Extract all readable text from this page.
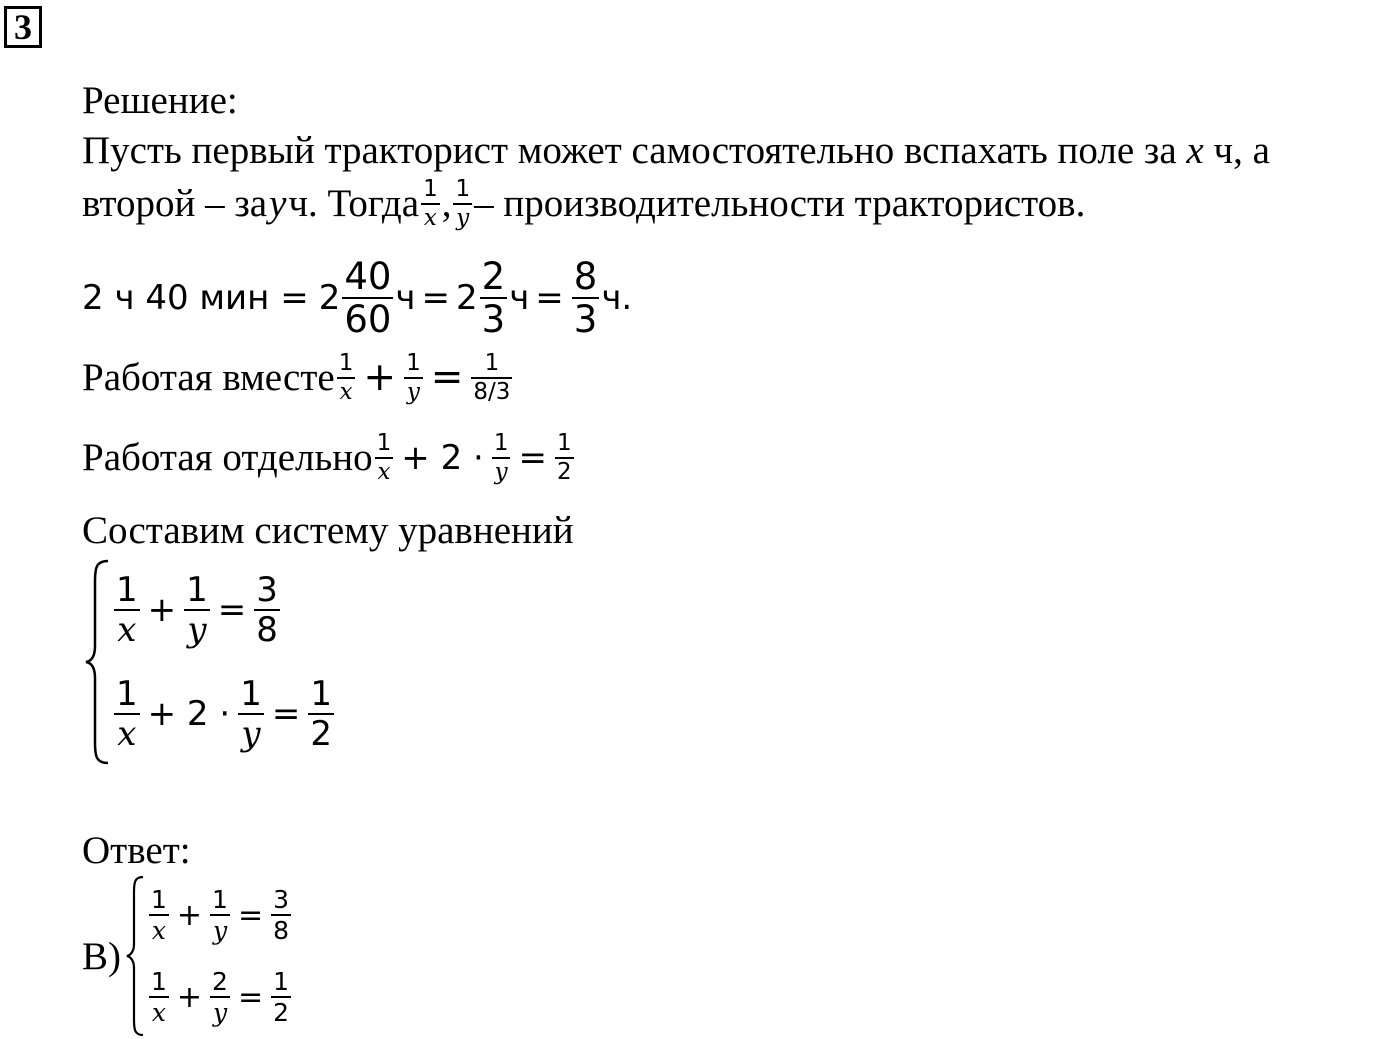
3
Решение:
Пусть первый тракторист может самостоятельно вспахать поле за x ч, а
второй – за y ч. Тогда $\frac{1}{x}$ , $\frac{1}{y}$ – производительности трактористов.
2 ч 40 мин = $2 \frac{40}{60}$ $ч = 2 \frac{2}{3}$ $ч = \frac{8}{3} ч$.
Работая вместе $\frac{1}{x} + \frac{1}{y} = \frac{1}{8/3}$
Работая отдельно $\frac{1}{x} + 2 \cdot \frac{1}{y} = \frac{1}{2}$
Составим систему уравнений
$\frac{1}{x} + \frac{1}{y} = \frac{3}{8}$
$\frac{1}{x} + 2 \cdot \frac{1}{y} = \frac{1}{2}$
Ответ:
В)
$\frac{1}{x} + \frac{1}{y} = \frac{3}{8}$
$\frac{1}{x} + \frac{2}{y} = \frac{1}{2}$
